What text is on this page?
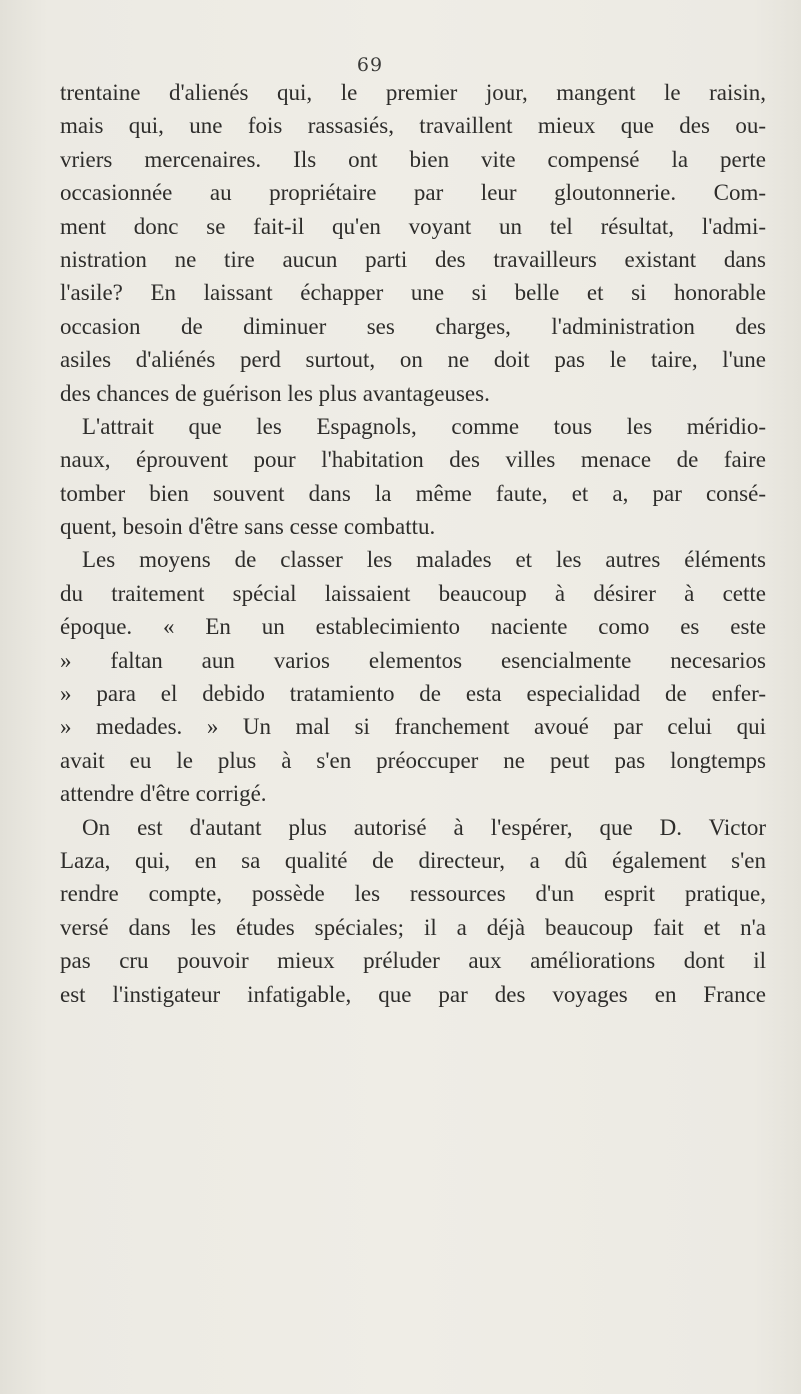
69
trentaine d'alienés qui, le premier jour, mangent le raisin,
mais qui, une fois rassasiés, travaillent mieux que des ou-
vriers mercenaires. Ils ont bien vite compensé la perte
occasionnée au propriétaire par leur gloutonnerie. Com-
ment donc se fait-il qu'en voyant un tel résultat, l'admi-
nistration ne tire aucun parti des travailleurs existant dans
l'asile? En laissant échapper une si belle et si honorable
occasion de diminuer ses charges, l'administration des
asiles d'aliénés perd surtout, on ne doit pas le taire, l'une
des chances de guérison les plus avantageuses.
L'attrait que les Espagnols, comme tous les méridio-
naux, éprouvent pour l'habitation des villes menace de faire
tomber bien souvent dans la même faute, et a, par consé-
quent, besoin d'être sans cesse combattu.
Les moyens de classer les malades et les autres éléments
du traitement spécial laissaient beaucoup à désirer à cette
époque. « En un establecimiento naciente como es este
» faltan aun varios elementos esencialmente necesarios
» para el debido tratamiento de esta especialidad de enfer-
» medades. » Un mal si franchement avoué par celui qui
avait eu le plus à s'en préoccuper ne peut pas longtemps
attendre d'être corrigé.
On est d'autant plus autorisé à l'espérer, que D. Victor
Laza, qui, en sa qualité de directeur, a dû également s'en
rendre compte, possède les ressources d'un esprit pratique,
versé dans les études spéciales; il a déjà beaucoup fait et n'a
pas cru pouvoir mieux préluder aux améliorations dont il
est l'instigateur infatigable, que par des voyages en France
